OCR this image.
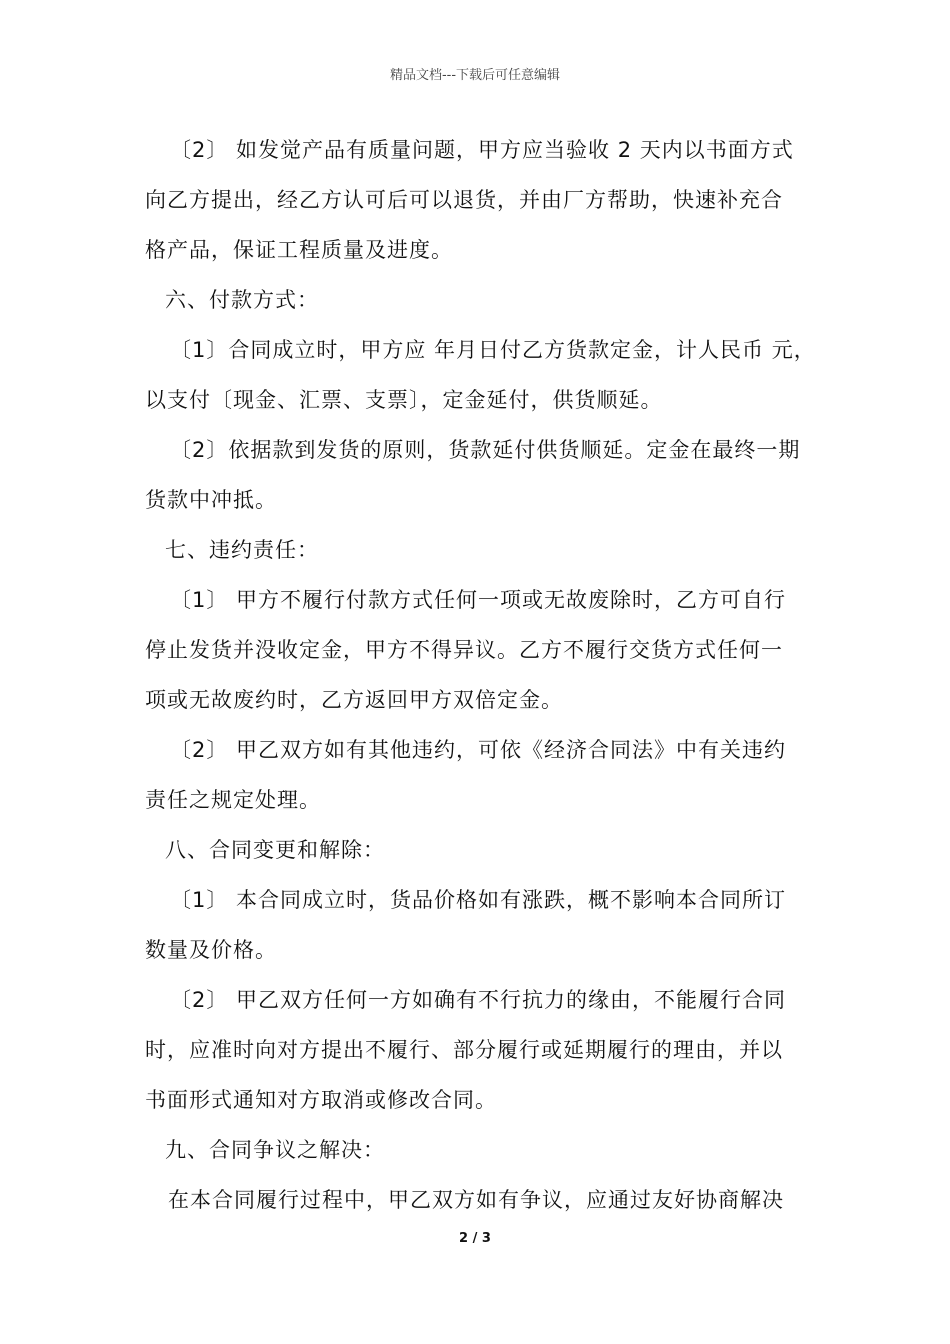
精品文档---下载后可任意编辑
〔2〕 如发觉产品有质量问题，甲方应当验收 2 天内以书面方式
向乙方提出，经乙方认可后可以退货，并由厂方帮助，快速补充合
格产品，保证工程质量及进度。
六、付款方式：
〔1〕合同成立时，甲方应 年月日付乙方货款定金，计人民币 元，
以支付〔现金、汇票、支票〕，定金延付，供货顺延。
〔2〕依据款到发货的原则，货款延付供货顺延。定金在最终一期
货款中冲抵。
七、违约责任：
〔1〕 甲方不履行付款方式任何一项或无故废除时，乙方可自行
停止发货并没收定金，甲方不得异议。乙方不履行交货方式任何一
项或无故废约时，乙方返回甲方双倍定金。
〔2〕 甲乙双方如有其他违约，可依《经济合同法》中有关违约
责任之规定处理。
八、合同变更和解除：
〔1〕 本合同成立时，货品价格如有涨跌，概不影响本合同所订
数量及价格。
〔2〕 甲乙双方任何一方如确有不行抗力的缘由，不能履行合同
时，应准时向对方提出不履行、部分履行或延期履行的理由，并以
书面形式通知对方取消或修改合同。
九、合同争议之解决：
在本合同履行过程中，甲乙双方如有争议，应通过友好协商解决
2 / 3
